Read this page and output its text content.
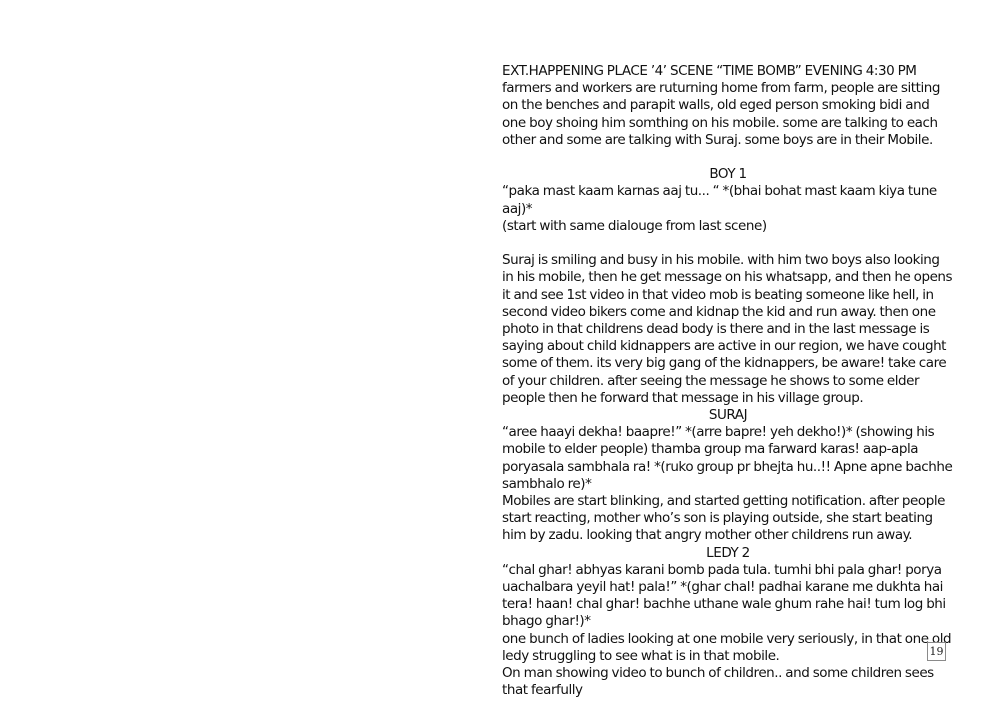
EXT.HAPPENING PLACE ’4’ SCENE “TIME BOMB” EVENING 4:30 PM

farmers and workers are ruturning home from farm, people are sitting on the benches and parapit walls, old eged person smoking bidi and one boy shoing him somthing on his mobile. some are talking to each other and some are talking with Suraj. some boys are in their Mobile.

BOY 1

“paka mast kaam karnas aaj tu... “ *(bhai bohat mast kaam kiya tune aaj)*

(start with same dialouge from last scene)

Suraj is smiling and busy in his mobile. with him two boys also looking in his mobile, then he get message on his whatsapp, and then he opens it and see 1st video in that video mob is beating someone like hell, in second video bikers come and kidnap the kid and run away. then one photo in that childrens dead body is there and in the last message is saying about child kidnappers are active in our region, we have cought some of them. its very big gang of the kidnappers, be aware! take care of your children. after seeing the message he shows to some elder people then he forward that message in his village group.

SURAJ

“aree haayi dekha! baapre!” *(arre bapre! yeh dekho!)* (showing his mobile to elder people) thamba group ma farward karas! aap-apla poryasala sambhala ra! *(ruko group pr bhejta hu..!! Apne apne bachhe sambhalo re)*

Mobiles are start blinking, and started getting notification. after people start reacting, mother who’s son is playing outside, she start beating him by zadu. looking that angry mother other childrens run away.

LEDY 2

“chal ghar! abhyas karani bomb pada tula. tumhi bhi pala ghar! porya uachalbara yeyil hat! pala!” *(ghar chal! padhai karane me dukhta hai tera! haan! chal ghar! bachhe uthane wale ghum rahe hai! tum log bhi bhago ghar!)*

one bunch of ladies looking at one mobile very seriously, in that one old ledy struggling to see what is in that mobile.

On man showing video to bunch of children.. and some children sees that fearfully

19
